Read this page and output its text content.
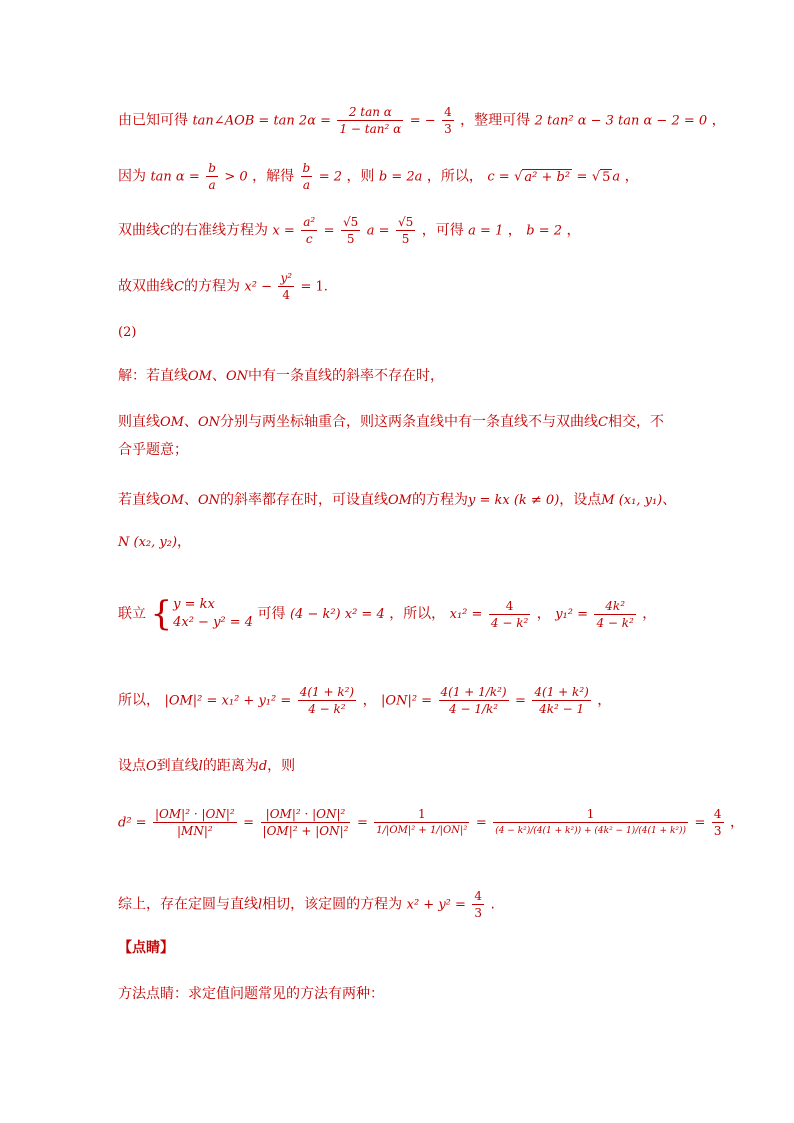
由已知可得 tan∠AOB = $\tan 2\alpha = \frac{\text{2 tan α}}{\text{1 − tan² α}}$ = − $\frac{4}{3}$ ，整理可得 2 tan² α − 3 tan α − 2 = 0 ，
因为 $\tan \alpha = \frac{b}{a} > 0$ ，解得 $\frac{b}{a} = 2$ ，则 b = 2a ，所以， c = √ a² + b² = √ 5 a ，
双曲线C的右准线方程为 $x = \frac{\text{a²}}{c} = \frac{√5}{5}$ $a = \frac{√5}{5}$ ，可得 a = 1 ， b = 2 ，
故双曲线C的方程为 $x^2 - \frac{\text{y²}}{4} = 1$.
(2)
解：若直线OM、ON中有一条直线的斜率不存在时，
则直线OM、ON分别与两坐标轴重合，则这两条直线中有一条直线不与双曲线C相交，不
合乎题意；
若直线OM、ON的斜率都存在时，可设直线OM的方程为y = kx (k ≠ 0)，设点M (x₁, y₁)、
N (x₂, y₂)，
联立 { y = kx
4x² − y² = 4
可得 (4 − k²) x² = 4 ，所以， $x_1^2 = \frac{4}{\text{4 − k²}}$ ， $y_1^2 = \frac{\text{4k²}}{\text{4 − k²}}$ ，
所以， $|OM|^2 = x_1^2 + y_1^2 = \frac{\text{4(1 + k²)}}{\text{4 − k²}}$ ， $|ON|^2 = \frac{\text{4(1 + 1/k²)}}{\text{4 − 1/k²}} = \frac{\text{4(1 + k²)}}{\text{4k² − 1}}$ ，
设点O到直线l的距离为d，则
$d^2 = \frac{\text{|OM|² · |ON|²}}{\text{|MN|²}} = \frac{\text{|OM|² · |ON|²}}{\text{|OM|² + |ON|²}} = \frac{1}{\text{1/|OM|² + 1/|ON|²}} = \frac{1}{\text{(4 − k²)/(4(1 + k²)) + (4k² − 1)/(4(1 + k²))}} = \frac{4}{3}$ ，
综上，存在定圆与直线l相切，该定圆的方程为 $x^2 + y^2 = \frac{4}{3}$ .
【点睛】
方法点睛：求定值问题常见的方法有两种：
